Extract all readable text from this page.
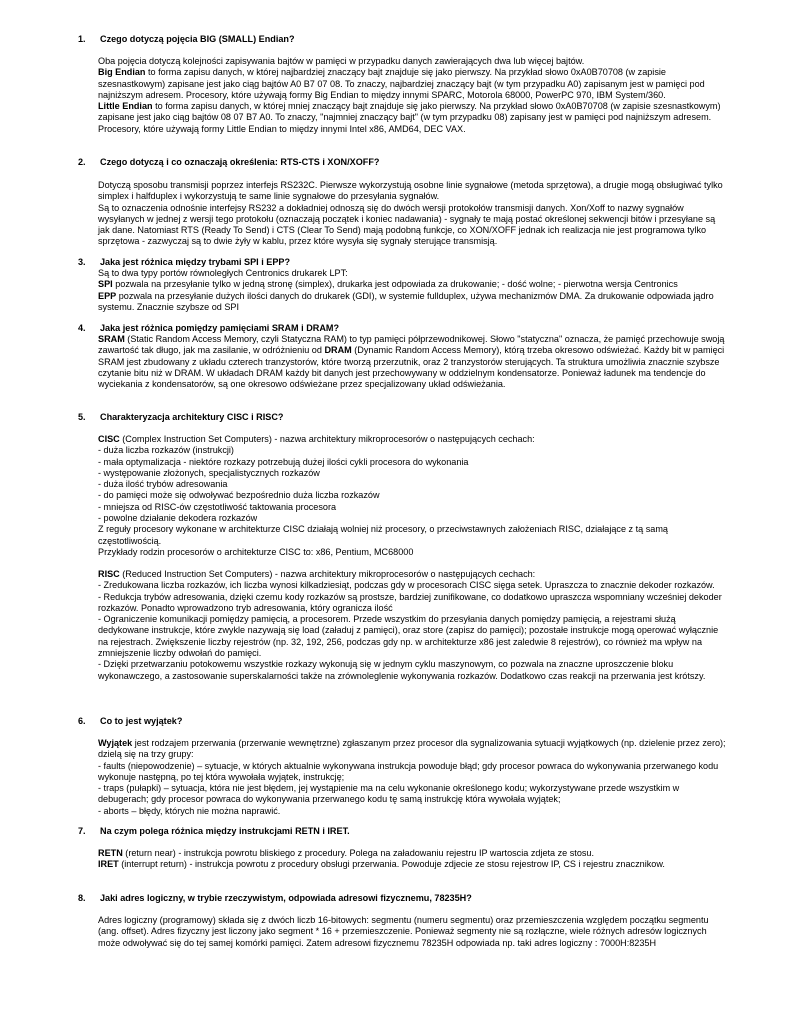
1. Czego dotyczą pojęcia BIG (SMALL) Endian?

Oba pojęcia dotyczą kolejności zapisywania bajtów w pamięci w przypadku danych zawierających dwa lub więcej bajtów.

Big Endian to forma zapisu danych, w której najbardziej znaczący bajt znajduje się jako pierwszy. Na przykład słowo 0xA0B70708 (w zapisie szesnastkowym) zapisane jest jako ciąg bajtów A0 B7 07 08. To znaczy, najbardziej znaczący bajt (w tym przypadku A0) zapisanym jest w pamięci pod najniższym adresem. Procesory, które używają formy Big Endian to między innymi SPARC, Motorola 68000, PowerPC 970, IBM System/360.

Little Endian to forma zapisu danych, w której mniej znaczący bajt znajduje się jako pierwszy. Na przykład słowo 0xA0B70708 (w zapisie szesnastkowym) zapisane jest jako ciąg bajtów 08 07 B7 A0. To znaczy, "najmniej znaczący bajt" (w tym przypadku 08) zapisany jest w pamięci pod najniższym adresem. Procesory, które używają formy Little Endian to między innymi Intel x86, AMD64, DEC VAX.

2. Czego dotyczą i co oznaczają określenia: RTS-CTS i XON/XOFF?

Dotyczą sposobu transmisji poprzez interfejs RS232C. Pierwsze wykorzystują osobne linie sygnałowe (metoda sprzętowa), a drugie mogą obsługiwać tylko simplex i halfduplex i wykorzystują te same linie sygnałowe do przesyłania sygnałów.

Są to oznaczenia odnośnie interfejsy RS232 a dokładniej odnoszą się do dwóch wersji protokołów transmisji danych. Xon/Xoff to nazwy sygnałów wysyłanych w jednej z wersji tego protokołu (oznaczają początek i koniec nadawania) - sygnały te mają postać określonej sekwencji bitów i przesyłane są jak dane. Natomiast RTS (Ready To Send) i CTS (Clear To Send) mają podobną funkcje, co XON/XOFF jednak ich realizacja nie jest programowa tylko sprzętowa - zazwyczaj są to dwie żyły w kablu, przez które wysyła się sygnały sterujące transmisją.

3. Jaka jest różnica między trybami SPI i EPP?

Są to dwa typy portów równoległych Centronics drukarek LPT:

SPI pozwala na przesyłanie tylko w jedną stronę (simplex), drukarka jest odpowiada za drukowanie; - dość wolne; - pierwotna wersja Centronics

EPP pozwala na przesyłanie dużych ilości danych do drukarek (GDI), w systemie fullduplex, używa mechanizmów DMA. Za drukowanie odpowiada jądro systemu. Znacznie szybsze od SPI

4. Jaka jest różnica pomiędzy pamięciami SRAM i DRAM?

SRAM (Static Random Access Memory, czyli Statyczna RAM) to typ pamięci półprzewodnikowej. Słowo "statyczna" oznacza, że pamięć przechowuje swoją zawartość tak długo, jak ma zasilanie, w odróżnieniu od DRAM (Dynamic Random Access Memory), którą trzeba okresowo odświeżać. Każdy bit w pamięci SRAM jest zbudowany z układu czterech tranzystorów, które tworzą przerzutnik, oraz 2 tranzystorów sterujących. Ta struktura umożliwia znacznie szybsze czytanie bitu niż w DRAM. W układach DRAM każdy bit danych jest przechowywany w oddzielnym kondensatorze. Ponieważ ładunek ma tendencje do wyciekania z kondensatorów, są one okresowo odświeżane przez specjalizowany układ odświeżania.

5. Charakteryzacja architektury CISC i RISC?

CISC (Complex Instruction Set Computers) - nazwa architektury mikroprocesorów o następujących cechach:

- duża liczba rozkazów (instrukcji)

- mała optymalizacja - niektóre rozkazy potrzebują dużej ilości cykli procesora do wykonania

- występowanie złożonych, specjalistycznych rozkazów

- duża ilość trybów adresowania

- do pamięci może się odwoływać bezpośrednio duża liczba rozkazów

- mniejsza od RISC-ów częstotliwość taktowania procesora

- powolne działanie dekodera rozkazów

Z reguły procesory wykonane w architekturze CISC działają wolniej niż procesory, o przeciwstawnych założeniach RISC, działające z tą samą częstotliwością.

Przykłady rodzin procesorów o architekturze CISC to: x86, Pentium, MC68000

RISC (Reduced Instruction Set Computers) - nazwa architektury mikroprocesorów o następujących cechach:

- Zredukowana liczba rozkazów, ich liczba wynosi kilkadziesiąt, podczas gdy w procesorach CISC sięga setek. Upraszcza to znacznie dekoder rozkazów.

- Redukcja trybów adresowania, dzięki czemu kody rozkazów są prostsze, bardziej zunifikowane, co dodatkowo upraszcza wspomniany wcześniej dekoder rozkazów. Ponadto wprowadzono tryb adresowania, który ogranicza ilość

- Ograniczenie komunikacji pomiędzy pamięcią, a procesorem. Przede wszystkim do przesyłania danych pomiędzy pamięcią, a rejestrami służą dedykowane instrukcje, które zwykle nazywają się load (załaduj z pamięci), oraz store (zapisz do pamięci); pozostałe instrukcje mogą operować wyłącznie na rejestrach. Zwiększenie liczby rejestrów (np. 32, 192, 256, podczas gdy np. w architekturze x86 jest zaledwie 8 rejestrów), co również ma wpływ na zmniejszenie liczby odwołań do pamięci.

- Dzięki przetwarzaniu potokowemu wszystkie rozkazy wykonują się w jednym cyklu maszynowym, co pozwala na znaczne uproszczenie bloku wykonawczego, a zastosowanie superskalarności także na zrównoleglenie wykonywania rozkazów. Dodatkowo czas reakcji na przerwania jest krótszy.

6. Co to jest wyjątek?

Wyjątek jest rodzajem przerwania (przerwanie wewnętrzne) zgłaszanym przez procesor dla sygnalizowania sytuacji wyjątkowych (np. dzielenie przez zero); dzielą się na trzy grupy:

- faults (niepowodzenie) – sytuacje, w których aktualnie wykonywana instrukcja powoduje błąd; gdy procesor powraca do wykonywania przerwanego kodu wykonuje następną, po tej która wywołała wyjątek, instrukcję;

- traps (pułapki) – sytuacja, która nie jest błędem, jej wystąpienie ma na celu wykonanie określonego kodu; wykorzystywane przede wszystkim w debugerach; gdy procesor powraca do wykonywania przerwanego kodu tę samą instrukcję która wywołała wyjątek;

- aborts – błędy, których nie można naprawić.

7. Na czym polega różnica między instrukcjami RETN i IRET.

RETN (return near) - instrukcja powrotu bliskiego z procedury. Polega na załadowaniu rejestru IP wartoscia zdjeta ze stosu.

IRET (interrupt return) - instrukcja powrotu z procedury obsługi przerwania. Powoduje zdjecie ze stosu rejestrow IP, CS i rejestru znacznikow.

8. Jaki adres logiczny, w trybie rzeczywistym, odpowiada adresowi fizycznemu, 78235H?

Adres logiczny (programowy) składa się z dwóch liczb 16-bitowych: segmentu (numeru segmentu) oraz przemieszczenia względem początku segmentu (ang. offset). Adres fizyczny jest liczony jako segment * 16 + przemieszczenie. Ponieważ segmenty nie są rozłączne, wiele różnych adresów logicznych może odwoływać się do tej samej komórki pamięci. Zatem adresowi fizycznemu 78235H odpowiada np. taki adres logiczny : 7000H:8235H
